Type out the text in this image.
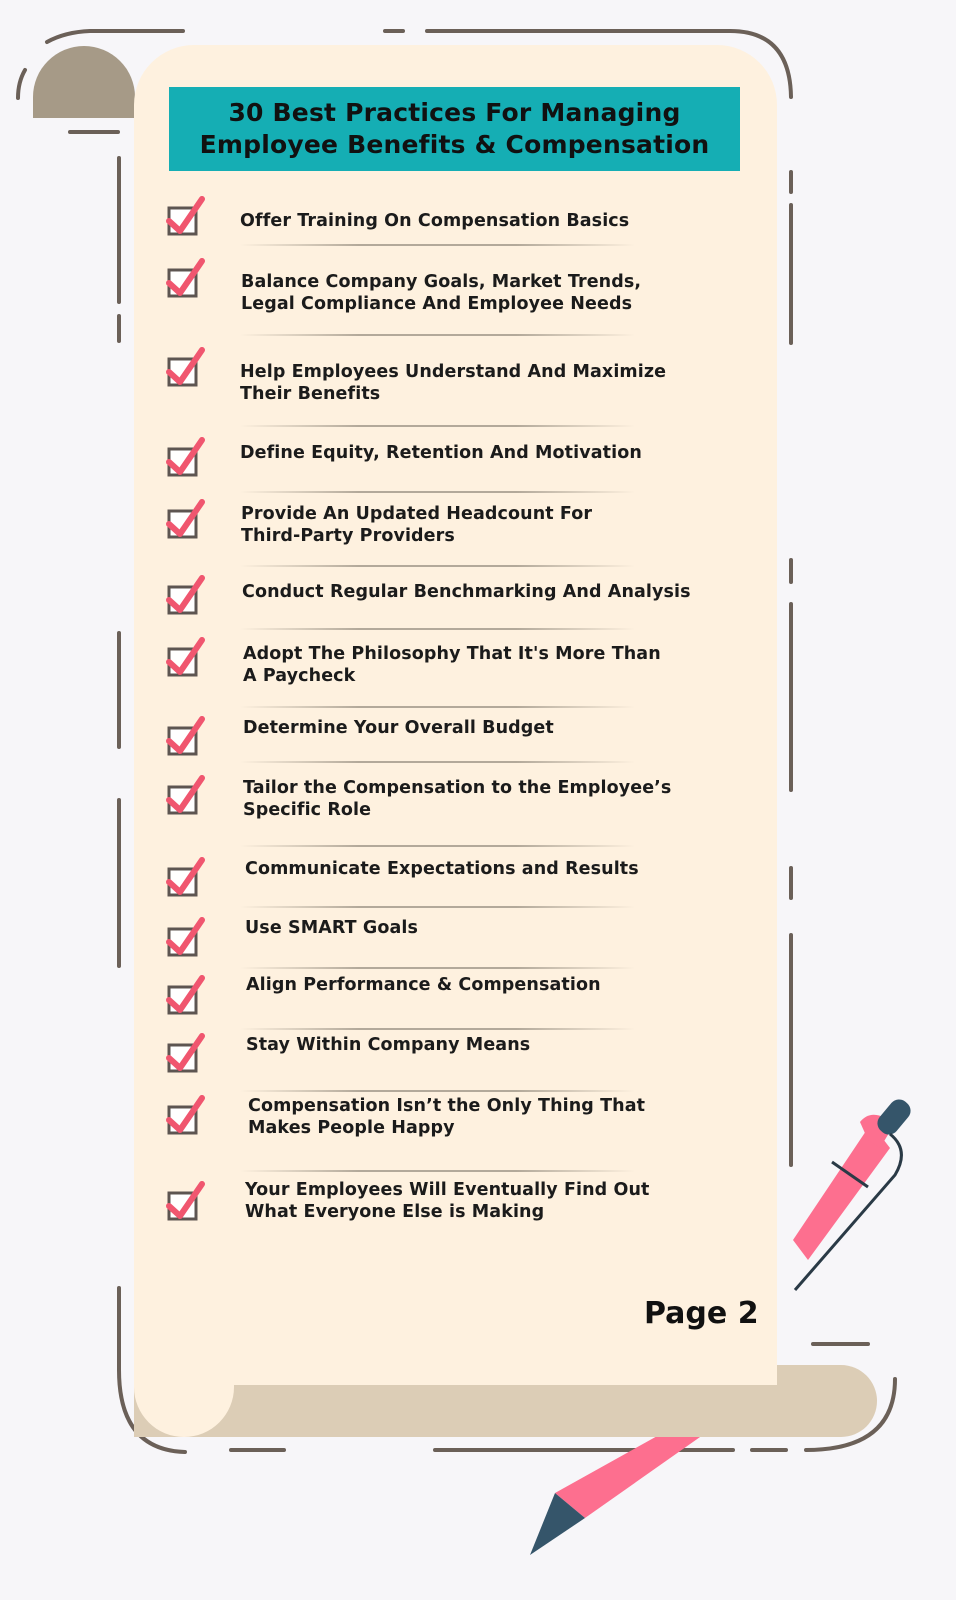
30 Best Practices For Managing
Employee Benefits & Compensation
Offer Training On Compensation Basics
Balance Company Goals, Market Trends,
Legal Compliance And Employee Needs
Help Employees Understand And Maximize
Their Benefits
Define Equity, Retention And Motivation
Provide An Updated Headcount For
Third-Party Providers
Conduct Regular Benchmarking And Analysis
Adopt The Philosophy That It's More Than
A Paycheck
Determine Your Overall Budget
Tailor the Compensation to the Employee’s
Specific Role
Communicate Expectations and Results
Use SMART Goals
Align Performance & Compensation
Stay Within Company Means
Compensation Isn’t the Only Thing That
Makes People Happy
Your Employees Will Eventually Find Out
What Everyone Else is Making
Page 2
